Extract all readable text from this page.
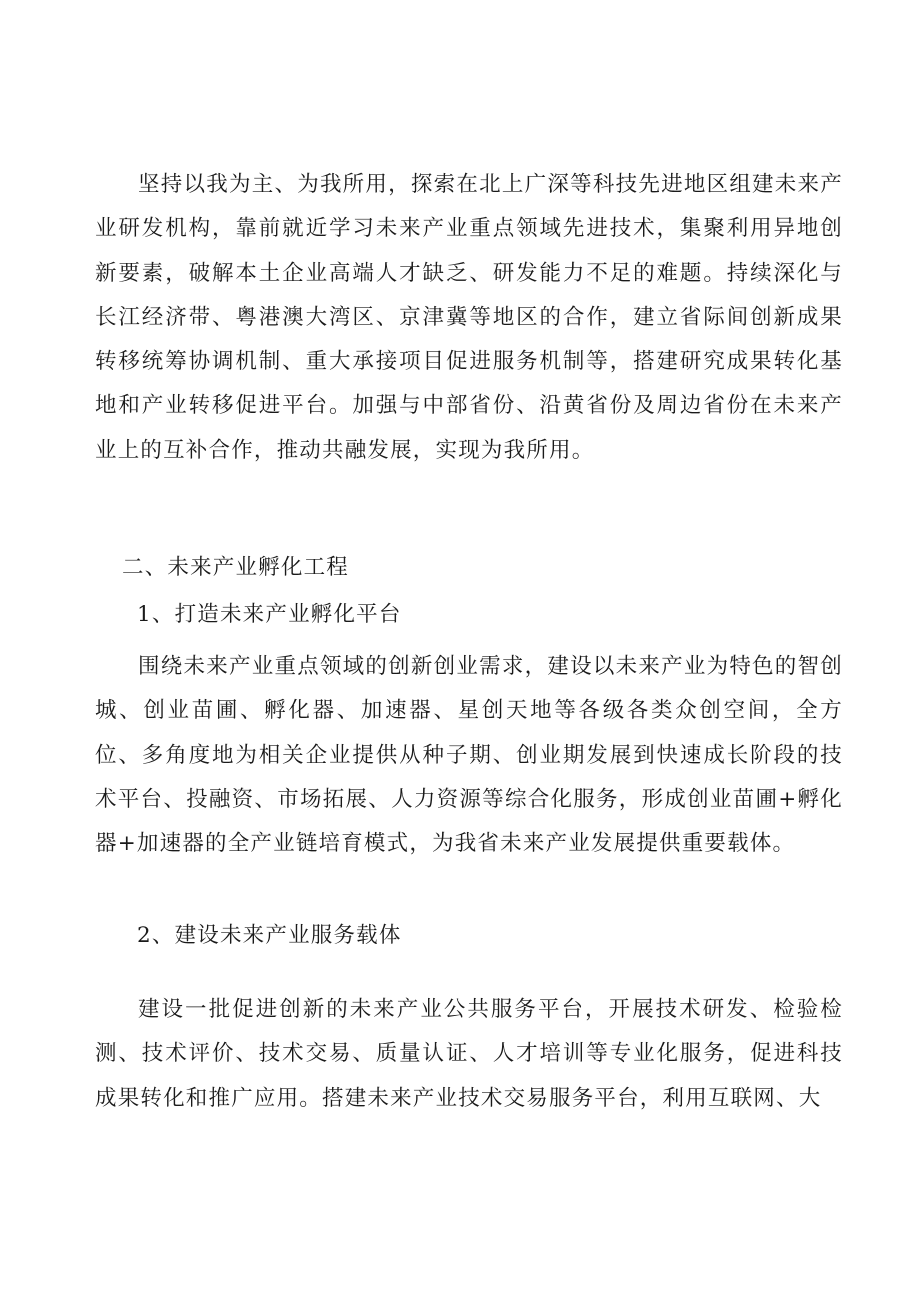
坚持以我为主、为我所用，探索在北上广深等科技先进地区组建未来产业研发机构，靠前就近学习未来产业重点领域先进技术，集聚利用异地创新要素，破解本土企业高端人才缺乏、研发能力不足的难题。持续深化与长江经济带、粤港澳大湾区、京津冀等地区的合作，建立省际间创新成果转移统筹协调机制、重大承接项目促进服务机制等，搭建研究成果转化基地和产业转移促进平台。加强与中部省份、沿黄省份及周边省份在未来产业上的互补合作，推动共融发展，实现为我所用。

二、未来产业孵化工程

1、打造未来产业孵化平台

围绕未来产业重点领域的创新创业需求，建设以未来产业为特色的智创城、创业苗圃、孵化器、加速器、星创天地等各级各类众创空间，全方位、多角度地为相关企业提供从种子期、创业期发展到快速成长阶段的技术平台、投融资、市场拓展、人力资源等综合化服务，形成创业苗圃+孵化器+加速器的全产业链培育模式，为我省未来产业发展提供重要载体。

2、建设未来产业服务载体

建设一批促进创新的未来产业公共服务平台，开展技术研发、检验检测、技术评价、技术交易、质量认证、人才培训等专业化服务，促进科技成果转化和推广应用。搭建未来产业技术交易服务平台，利用互联网、大
